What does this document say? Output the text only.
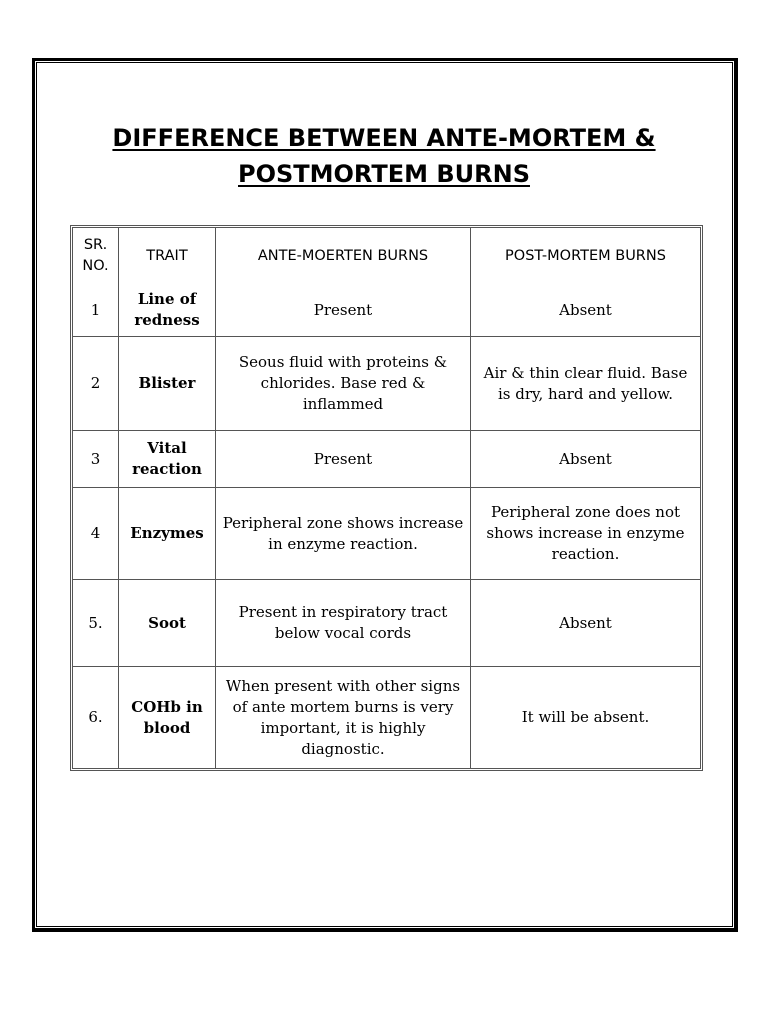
DIFFERENCE BETWEEN ANTE-MORTEM &
POSTMORTEM BURNS
SR. NO.	TRAIT	ANTE-MOERTEN BURNS	POST-MORTEM BURNS
1	Line of redness	Present	Absent
2	Blister	Seous fluid with proteins & chlorides. Base red & inflammed	Air & thin clear fluid. Base is dry, hard and yellow.
3	Vital reaction	Present	Absent
4	Enzymes	Peripheral zone shows increase in enzyme reaction.	Peripheral zone does not shows increase in enzyme reaction.
5.	Soot	Present in respiratory tract below vocal cords	Absent
6.	COHb in blood	When present with other signs of ante mortem burns is very important, it is highly diagnostic.	It will be absent.
